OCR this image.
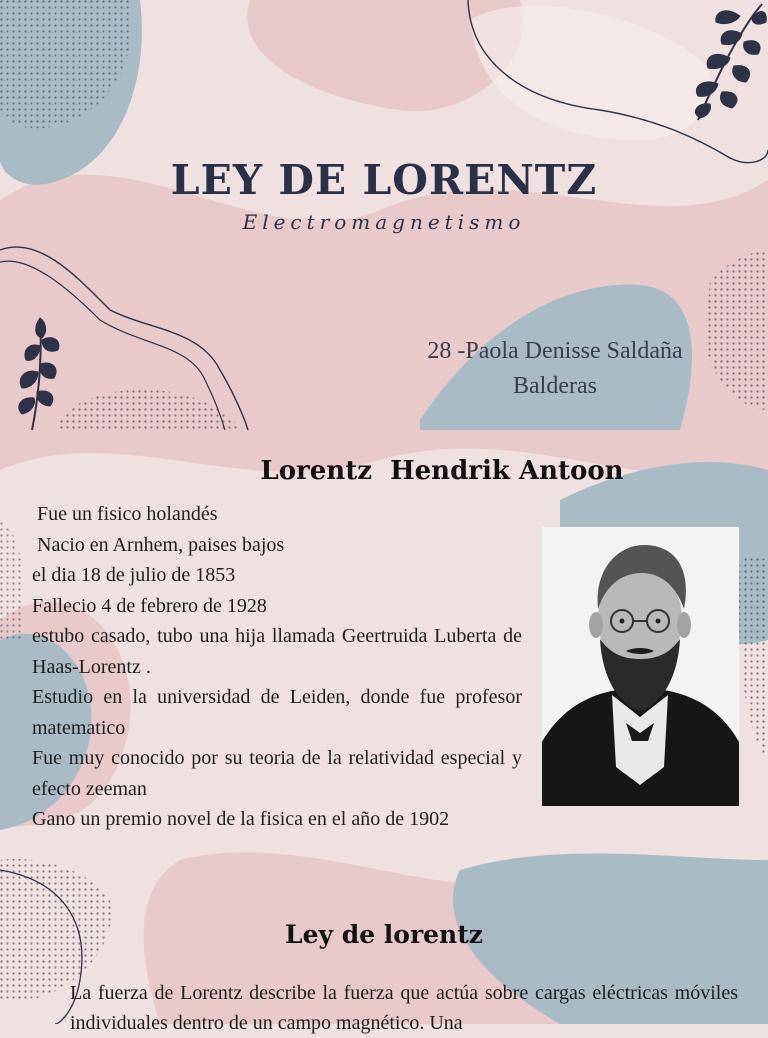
LEY DE LORENTZ
Electromagnetismo
28 -Paola Denisse Saldaña
Balderas
Lorentz  Hendrik Antoon
Fue un fisico holandés
Nacio en Arnhem, paises bajos
el dia 18 de julio de 1853
Fallecio 4 de febrero de 1928
estubo casado, tubo una hija llamada Geertruida Luberta de Haas-Lorentz .
Estudio en la universidad de Leiden, donde fue profesor matematico
Fue muy conocido por su teoria de la relatividad especial y efecto zeeman
Gano un premio novel de la fisica en el año de 1902
Ley de lorentz

La fuerza de Lorentz describe la fuerza que actúa sobre cargas eléctricas móviles individuales dentro de un campo magnético. Una
